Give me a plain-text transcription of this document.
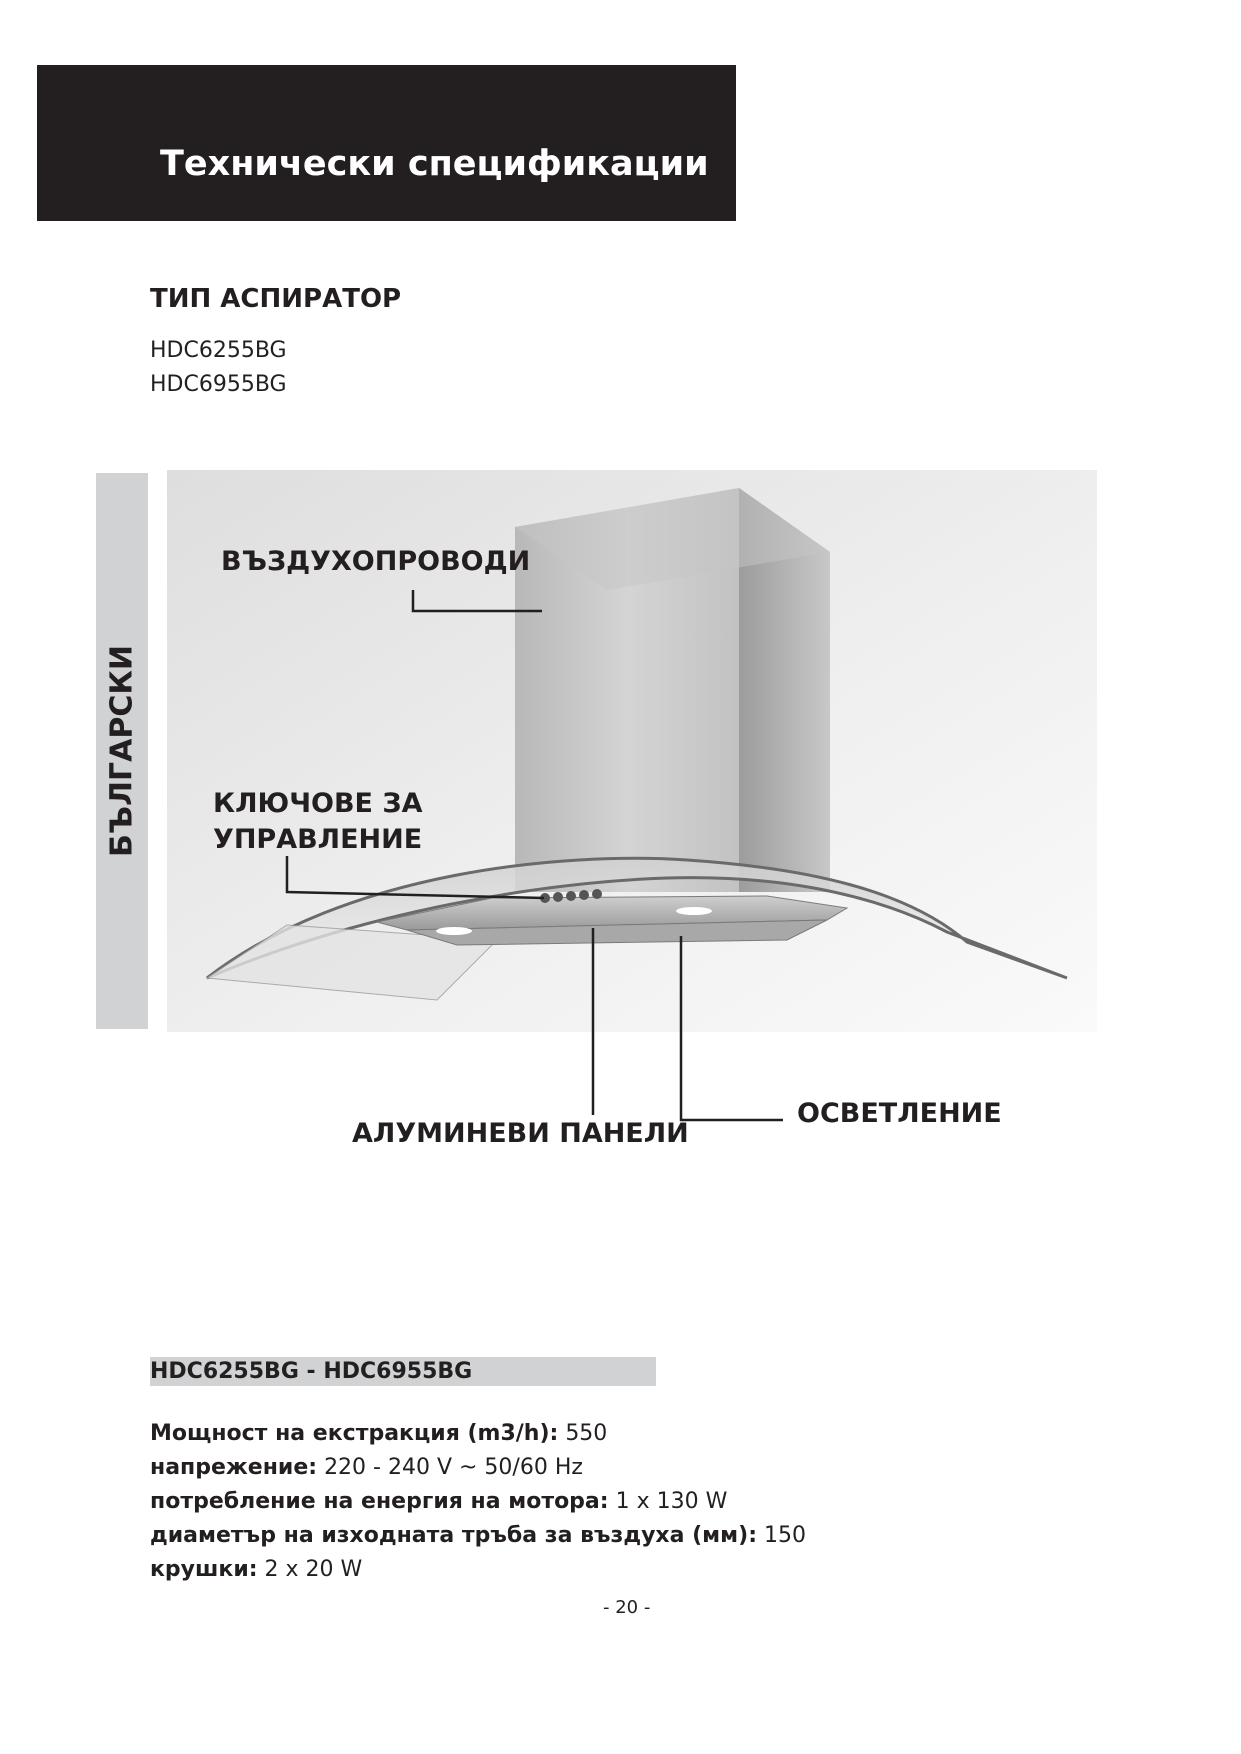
Технически спецификации
ТИП АСПИРАТОР
HDC6255BG
HDC6955BG
БЪЛГАРСКИ
ВЪЗДУХОПРОВОДИ
КЛЮЧОВЕ ЗА
УПРАВЛЕНИЕ
АЛУМИНЕВИ ПАНЕЛИ
ОСВЕТЛЕНИЕ
HDC6255BG - HDC6955BG
Мощност на екстракция (m3/h): 550
напрежение: 220 - 240 V ~ 50/60 Hz
потребление на енергия на мотора: 1 x 130 W
диаметър на изходната тръба за въздуха (мм): 150
крушки: 2 x 20 W
- 20 -
